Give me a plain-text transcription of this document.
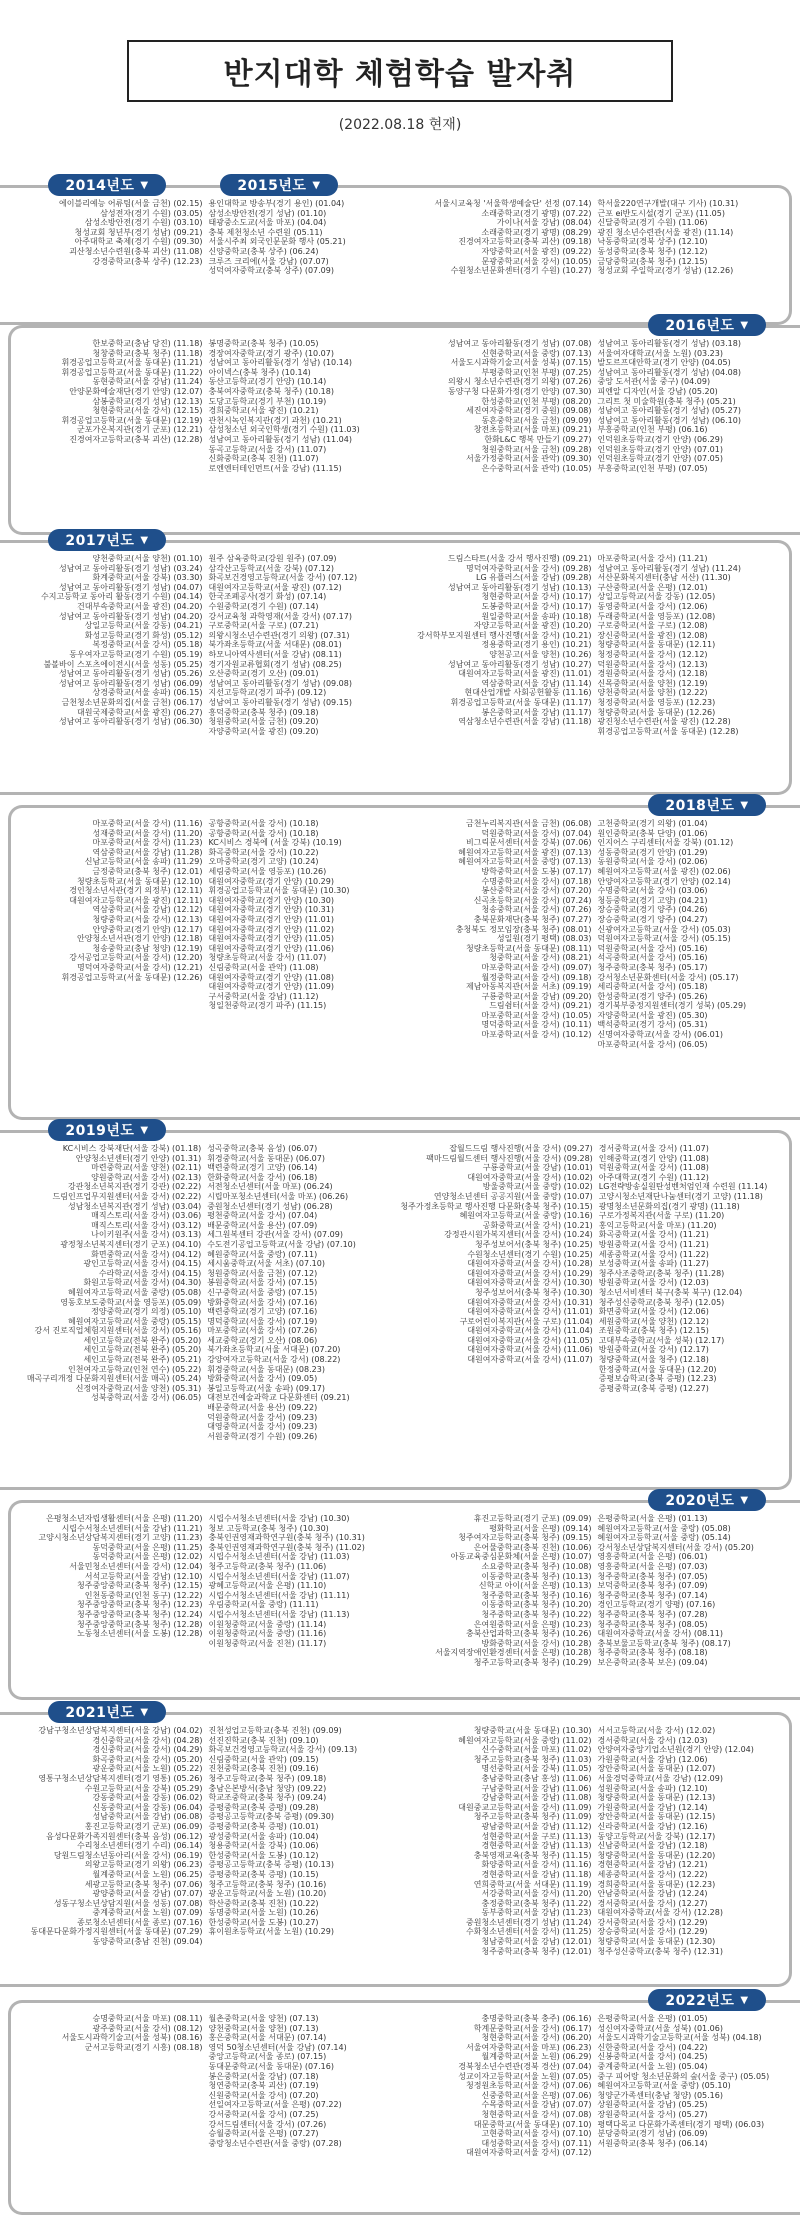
반지대학 체험학습 발자취
(2022.08.18 현재)
2014년도 ▼	2015년도 ▼
에이블리예능 어류팀(서울 금천) (02.15)
삼성전자(경기 수원) (03.05)
삼성소방안전(경기 수원) (03.10)
청성교회 청년부(경기 성남) (09.21)
아주대학교 축제(경기 수원) (09.30)
괴산청소년수련원(충북 괴산) (11.08)
강경중학교(충북 상주) (12.23)
용인대학교 방송부(경기 용인) (01.04)
삼성소방안전(경기 성남) (01.10)
태광중소도교(서울 마포) (04.04)
충북 제천청소년 수련원 (05.11)
서울시주최 외국인문문화 행사 (05.21)
신양중학교(충북 상주) (06.24)
크루즈 크리에(서울 강남) (07.07)
성덕여자중학교(충북 상주) (07.09)
서울시교육청 '서울학생예술단' 선정 (07.14)
소래중학교(경기 광명) (07.22)
가이나(서울 강남) (08.04)
소래중학교(경기 광명) (08.29)
진경여자고등학교(충북 괴산) (09.18)
자양중학교(서울 광진) (09.22)
문광중학교(서울 강서) (10.05)
수원청소년문화센터(경기 수원) (10.27)
학서울220연구개발(대구 기사) (10.31)
근포 ei반도시설(경기 군포) (11.05)
신달중학교(경기 수원) (11.06)
광진 청소년수련관(서울 광진) (11.14)
낙동중학교(경북 상주) (12.10)
동성중학교(충북 청주) (12.12)
금당중학교(충북 청주) (12.15)
청성교회 주일학교(경기 성남) (12.26)
2016년도 ▼
한보중학교(충남 당진) (11.18)
청창중학교(충북 청주) (11.18)
휘경공업고등학교(서울 동대문) (11.21)
휘경공업고등학교(서울 동대문) (11.22)
동현중학교(서울 강남) (11.24)
안양문화예술재단(경기 안양) (12.07)
삼봉중학교(경기 성남) (12.13)
청현중학교(서울 강서) (12.15)
휘경공업고등학교(서울 동대문) (12.19)
군포가온복지관(경기 군포) (12.21)
진경여자고등학교(충북 괴산) (12.28)
봉명중학교(충북 청주) (10.05)
경장여자중학교(경기 광주) (10.07)
성남여고 동아리활동(경기 성남) (10.14)
아이넥스(충북 청주) (10.14)
동산고등학교(경기 안양) (10.14)
충북여자중학교(충북 청주) (10.18)
도당고등학교(경기 부천) (10.19)
경희중학교(서울 광진) (10.21)
관천시녹인복지관(경기 과천) (10.21)
삼성청소년 외국인학생(경기 수원) (11.03)
성남여고 동아리활동(경기 성남) (11.04)
동곡고등학교(서울 강서) (11.07)
신화중학교(충북 진천) (11.07)
로엔엔터테인먼트(서울 강남) (11.15)
성남여고 동아리활동(경기 성남) (07.08)
신현중학교(서울 중랑) (07.13)
서울도시과학기술고(서울 성북) (07.15)
부평중학교(인천 부평) (07.25)
의왕시 청소년수련관(경기 의왕) (07.26)
동양구청 다문화가정(경기 안양) (07.30)
한성중학교(인천 부평) (08.20)
세진여자중학교(경기 중원) (09.08)
동흔중학교(서울 금천) (09.09)
창전초등학교(서울 마포) (09.21)
한화L&C 행복 만들기 (09.27)
청원중학교(서울 금천) (09.28)
서울가정중학교(서울 관악) (09.30)
은수중학교(서울 관악) (10.05)
성남여고 동아리활동(경기 성남) (03.18)
서울여자대학교(서울 노원) (03.23)
발도르프대안학교(경기 안양) (04.05)
성남여고 동아리활동(경기 성남) (04.08)
중앙 도서관(서울 중구) (04.09)
피엔알 디자인(서울 강남) (05.20)
그리트 첫 미술학원(충북 청주) (05.21)
성남여고 동아리활동(경기 성남) (05.27)
성남여고 동아리활동(경기 성남) (06.10)
부흥중학교(인천 부평) (06.16)
인덕원초등학교(경기 안양) (06.29)
인덕원초등학교(경기 안양) (07.01)
인덕원초등학교(경기 안양) (07.05)
부흥중학교(인천 부평) (07.05)
2017년도 ▼
양천중학교(서울 양천) (01.10)
성남여고 동아리활동(경기 성남) (03.24)
화계중학교(서울 강북) (03.30)
성남여고 동아리활동(경기 성남) (04.07)
수지고등학교 동아리 활동(경기 수원) (04.14)
건대부속중학교(서울 광진) (04.20)
성남여고 동아리활동(경기 성남) (04.20)
상일고등학교(서울 강동) (04.21)
화성고등학교(경기 화성) (05.12)
복정중학교(서울 강서) (05.18)
동우여자고등학교(경기 수원) (05.19)
불볼바이 스포츠에이전시(서울 성동) (05.25)
성남여고 동아리활동(경기 성남) (05.26)
성남여고 동아리활동(경기 성남) (06.09)
상경중학교(서울 송파) (06.15)
금천청소년문화의집(서울 금천) (06.17)
대원국제중학교(서울 광진) (06.27)
성남여고 동아리활동(경기 성남) (06.30)
원주 삼육중학교(강원 원주) (07.09)
삼각산고등학교(서울 강북) (07.12)
화곡보건경영고등학교(서울 강서) (07.12)
대원여자고등학교(서울 광진) (07.12)
한국조폐공사(경기 화성) (07.14)
수원중학교(경기 수원) (07.14)
강서교육청 과학영재(서울 강서) (07.17)
구로중학교(서울 구로) (07.21)
의왕시청소년수련관(경기 의왕) (07.31)
북가좌초등학교(서울 서대문) (08.01)
하모니아역사센터(서울 강남) (08.11)
경기자원교류협회(경기 성남) (08.25)
오산중학교(경기 오산) (09.01)
성남여고 동아리활동(경기 성남) (09.08)
지선고등학교(경기 파주) (09.12)
성남여고 동아리활동(경기 성남) (09.15)
흥덕중학교(충북 청주) (09.18)
청원중학교(서울 금천) (09.20)
자양중학교(서울 광진) (09.20)
드림스타트(서울 강서 행사진행) (09.21)
명덕여자중학교(서울 강서) (09.28)
LG 유플러스(서울 강남) (09.28)
성남여고 동아리활동(경기 성남) (10.13)
청현중학교(서울 강서) (10.17)
도봉중학교(서울 강서) (10.17)
원일중학교(서울 송파) (10.18)
자양고등학교(서울 광진) (10.20)
강서학부모지원센터 행사진행(서울 강서) (10.21)
정용중학교(경기 용인) (10.21)
양천공고(서울 양천) (10.26)
성남여고 동아리활동(경기 성남) (10.27)
대원여자고등학교(서울 광진) (11.01)
역삼중학교(서울 강남) (11.14)
현대산업개발 사회공헌활동 (11.16)
휘경공업고등학교(서울 동대문) (11.17)
봉은중학교(서울 강남) (11.17)
역삼청소년수련관(서울 강남) (11.18)
마포중학교(서울 강서) (11.21)
성남여고 동아리활동(경기 성남) (11.24)
서산문화복지센터(충남 서산) (11.30)
구산중학교(서울 은평) (12.01)
상일고등학교(서울 강동) (12.05)
동영중학교(서울 강서) (12.06)
두래중학교(서울 영등포) (12.08)
구로중학교(서울 구로) (12.08)
장신중학교(서울 광진) (12.08)
청량중학교(서울 동대문) (12.11)
청정중학교(서울 강서) (12.12)
덕원중학교(서울 강서) (12.13)
경원중학교(서울 강서) (12.18)
신목중학교(서울 양천) (12.19)
양천중학교(서울 양천) (12.22)
청정중학교(서울 영등포) (12.23)
청량중학교(서울 동대문) (12.26)
광진청소년수련관(서울 광진) (12.28)
휘경공업고등학교(서울 동대문) (12.28)
2018년도 ▼
마포중학교(서울 강서) (11.16)
성재중학교(서울 강서) (11.20)
마포중학교(서울 강서) (11.23)
역삼중학교(서울 강남) (11.28)
신남고등학교(서울 송파) (11.29)
금정중학교(충북 청주) (12.01)
청량초등학교(서울 동대문) (12.10)
경인청소년서관(경기 의정부) (12.11)
대원여자고등학교(서울 광진) (12.11)
역삼중학교(서울 강남) (12.12)
청량중학교(서울 강서) (12.13)
안양중학교(경기 안양) (12.17)
안양청소년서관(경기 안양) (12.18)
청송중학교(충남 청양) (12.19)
강서공업고등학교(서울 강서) (12.20)
명덕여자중학교(서울 강서) (12.21)
휘경공업고등학교(서울 동대문) (12.26)
공항중학교(서울 강서) (10.18)
공항중학교(서울 강서) (10.18)
KC시비스 경북에 (서울 강북) (10.19)
화곡중학교(서울 강서) (10.22)
오마중학교(경기 고양) (10.24)
세림중학교(서울 영등포) (10.26)
대원여자중학교(경기 안양) (10.29)
휘경공업고등학교(서울 동대문) (10.30)
대원여자중학교(경기 안양) (10.30)
대원여자중학교(경기 안양) (10.31)
대원여자중학교(경기 안양) (11.01)
대원여자중학교(경기 안양) (11.02)
대원여자중학교(경기 안양) (11.05)
대원여자중학교(경기 안양) (11.06)
청량초등학교(서울 강서) (11.07)
신림중학교(서울 관악) (11.08)
대원여자중학교(경기 안양) (11.08)
대원여자중학교(경기 안양) (11.09)
구서중학교(서울 강남) (11.12)
청일천중학교(경기 파주) (11.15)
금천누리복지관(서울 금천) (06.08)
덕원중학교(서울 강서) (07.04)
비그릭문서센터(서울 강북) (07.06)
혜원여자고등학교(서울 광진) (07.13)
혜원여자고등학교(서울 중랑) (07.13)
방학중학교(서울 도봉) (07.17)
수명중학교(서울 강서) (07.18)
봉산중학교(서울 강서) (07.20)
신곡초등학교(서울 강서) (07.24)
청송중학교(서울 강서) (07.26)
충북문화재단(충북 청주) (07.27)
충청북도 정모임장(충북 청주) (08.01)
성일원(경기 평택) (08.03)
청량초등학교(서울 동대문) (08.11)
청중학교(서울 강서) (08.21)
마포중학교(서울 강서) (09.07)
월정중학교(서울 강서) (09.18)
제남아동복지관(서울 서초) (09.19)
구룡중학교(서울 강남) (09.20)
드림쉼터(서울 강서) (09.21)
마포중학교(서울 강서) (10.05)
명덕중학교(서울 강서) (10.11)
마포중학교(서울 강서) (10.12)
고천중학교(경기 의왕) (01.04)
원인중학교(충북 단양) (01.06)
인지어스 구리센터(서울 강북) (01.12)
성동중학교(경기 안양) (01.29)
동원중학교(서울 강서) (02.06)
혜원여자고등학교(서울 광진) (02.06)
안양여자고등학교(경기 안양) (02.14)
수명중학교(서울 강서) (03.06)
청등중학교(경기 고양) (04.21)
장승중학교(경기 양주) (04.26)
장승중학교(경기 양주) (04.27)
신광여자고등학교(서울 강서) (05.03)
덕원여자고등학교(서울 강서) (05.15)
덕원중학교(서울 강서) (05.16)
석곡중학교(서울 강서) (05.16)
청주중학교(충북 청주) (05.17)
강서청소년문화센터(서울 강서) (05.17)
세리중학교(서울 강서) (05.18)
한성중학교(경기 양주) (05.26)
경기북부중정지원센터(경기 성북) (05.29)
자양중학교(서울 광진) (05.30)
백석중학교(경기 강서) (05.31)
신명여자중학교(서울 강서) (06.01)
마포중학교(서울 강서) (06.05)
2019년도 ▼
KC시비스 강북재단(서울 강북) (01.18)
안양청소년센터(경기 안양) (01.31)
마련중학교(서울 양천) (02.11)
양원중학교(서울 강서) (02.13)
강관청소년복지관(경기 강관) (02.22)
드림인프업무지원센터(서울 강서) (02.22)
성남청소년복지관(경기 성남) (03.04)
매직스토리(서울 강서) (03.06)
매직스토리(서울 강서) (03.12)
나이키원주(서울 강서) (03.13)
광정청소년복지센터(경기 군포) (04.10)
화면중학교(서울 강서) (04.12)
광인고등학교(서울 강서) (04.15)
수라학교(서울 강서) (04.15)
화원고등학교(서울 강서) (04.30)
혜원여자고등학교(서울 중랑) (05.08)
영동호보도중학교(서울 영등포) (05.09)
정양중학교(경기 의정) (05.10)
혜원여자고등학교(서울 중랑) (05.15)
강서 진로직업체험지원센터(서울 강서) (05.16)
세인고등학교(전북 완주) (05.20)
세인고등학교(전북 완주) (05.20)
세인고등학교(전북 완주) (05.21)
인천여자고등학교(인천 연수) (05.22)
매곡구리개정 다문화지원센터(서울 매곡) (05.24)
신정여자중학교(서울 양천) (05.31)
성북중학교(서울 강서) (06.05)
성곡중학교(충북 음성) (06.07)
휘경중학교(서울 동대문) (06.07)
백련중학교(경기 고양) (06.14)
한화중학교(서울 강서) (06.18)
서전청소년센터(서울 마포) (06.24)
시립마포청소년센터(서울 마포) (06.26)
중원청소년센터(경기 성남) (06.28)
평천중학교(서울 강서) (07.04)
배문중학교(서울 용산) (07.09)
세그원복센터 강관(서울 강서) (07.09)
수도전기공업고등학교(서울 강남) (07.10)
혜원중학교(서울 중랑) (07.11)
세시움중학교(서울 서초) (07.10)
청원중학교(서울 금천) (07.12)
봉원중학교(서울 강서) (07.15)
신구중학교(서울 중랑) (07.15)
방화중학교(서울 강서) (07.16)
백련중학교(경기 고양) (07.16)
명덕중학교(서울 강서) (07.19)
마포중학교(서울 강서) (07.26)
세교중학교(경기 오산) (08.06)
북가좌초등학교(서울 서대문) (07.20)
강양여자고등학교(서울 강서) (08.22)
휘경중학교(서울 동대문) (08.23)
방화중학교(서울 강서) (09.05)
봉일고등학교(서울 송파) (09.17)
대전보건예술과학교 다문화센터 (09.21)
배문중학교(서울 용산) (09.22)
덕원중학교(서울 강서) (09.23)
대영중학교(서울 강서) (09.23)
서원중학교(경기 수원) (09.26)
잡월드드림 행사진행(서울 강서) (09.27)
팩마드림월드센터 행사진행(서울 강서) (09.28)
구룡중학교(서울 강남) (10.01)
대원여자중학교(서울 강서) (10.02)
방울중학교(서울 중랑) (10.02)
연양청소년센터 공공지원(서울 중랑) (10.07)
청주가정초등학교 행사진행 다문화(충북 청주) (10.15)
혜원여자고등학교(서울 중랑) (10.16)
공화중학교(서울 강서) (10.21)
강정관시원가복지센터(서울 강서) (10.24)
청주성보어서(충북 청주) (10.25)
수원청소년센터(경기 수원) (10.25)
대원여자중학교(서울 강서) (10.28)
대원여자중학교(서울 강서) (10.29)
대원여자중학교(서울 강서) (10.30)
청주성보어서(충북 청주) (10.30)
대원여자중학교(서울 강서) (10.31)
대원여자중학교(서울 강서) (11.01)
구로어린이복지관(서울 구로) (11.04)
대원여자중학교(서울 강서) (11.04)
대원여자중학교(서울 강서) (11.05)
대원여자중학교(서울 강서) (11.06)
대원여자중학교(서울 강서) (11.07)
경서중학교(서울 강서) (11.07)
인해중학교(경기 안양) (11.08)
덕원중학교(서울 강서) (11.08)
아주대학교(경기 수원) (11.12)
LG전략방송실원탄성벤처엄인재 수련원 (11.14)
고양시청소년재단나눔센터(경기 고양) (11.18)
광명청소년문화의집(경기 광명) (11.18)
구로가정복지관(서울 구로) (11.20)
홍익고등학교(서울 마포) (11.20)
화곡중학교(서울 강서) (11.21)
방원중학교(서울 강서) (11.21)
세종중학교(서울 강서) (11.22)
보성중학교(서울 송파) (11.27)
청주사조중학교(충북 청주) (11.28)
방원중학교(서울 강서) (12.03)
청소년서비센터 북구(충북 북구) (12.04)
청주성신중학교(충북 청주) (12.05)
화면중학교(서울 강서) (12.06)
세원중학교(서울 양천) (12.12)
조원중학교(충북 청주) (12.15)
고대부속중학교(서울 성북) (12.17)
방원중학교(서울 강서) (12.17)
청량중학교(서울 청주) (12.18)
한정중학교(서울 동대문) (12.20)
증평보습학교(충북 증평) (12.23)
증평중학교(충북 증평) (12.27)
2020년도 ▼
은평청소년자립생활센터(서울 은평) (11.20)
시립수서청소년센터(서울 강남) (11.21)
고양시청소년상담복지센터(경기 고양) (11.23)
동덕중학교(서울 은평) (11.25)
동덕중학교(서울 은평) (12.02)
서울민청소년센터(서울 강서) (12.04)
서석고등학교(서울 강남) (12.10)
청주중앙중학교(충북 청주) (12.15)
인천동중학교(인천 동구) (12.22)
청주중앙중학교(충북 청주) (12.23)
청주중앙중학교(충북 청주) (12.24)
청주중앙중학교(충북 청주) (12.28)
노동청소년센터(서울 도봉) (12.28)
시립수서청소년센터(서울 강남) (10.30)
청보 고등학교(충북 청주) (10.30)
충북인권영재과학연구원(충북 청주) (10.31)
충북인권영재과학연구원(충북 청주) (11.02)
시립수서청소년센터(서울 강남) (11.03)
청주고등학교(충북 청주) (11.06)
시립수서청소년센터(서울 강남) (11.07)
광혜고등학교(서울 은평) (11.10)
시립수서청소년센터(서울 강남) (11.11)
우림중학교(서울 중랑) (11.11)
시립수서청소년센터(서울 강남) (11.13)
이원청중학교(서울 중랑) (11.14)
이원청중학교(서울 중랑) (11.16)
이원청중학교(서울 진천) (11.17)
휴진고등학교(경기 군포) (09.09)
평화학교(서울 은평) (09.14)
청주여자고등학교(충북 청주) (09.15)
은어물중학교(충북 진천) (10.06)
아동교육중심문화체(서울 은평) (10.07)
소요중학교(충북 청주) (10.08)
이동중학교(충북 청주) (10.13)
신학교 아이(서울 은평) (10.13)
청주중학교(충북 청주) (10.16)
이동중학교(충북 청주) (10.20)
청주중학교(충북 청주) (10.22)
은여원중학교(서울 은평) (10.23)
충북산업과학고(충북 청주) (10.26)
방화중학교(서울 강서) (10.28)
서울지역장애인환경센터(서울 은평) (10.28)
청주고등학교(충북 청주) (10.29)
은평중학교(서울 은평) (01.13)
혜원여자고등학교(서울 중랑) (05.08)
혜원여자고등학교(서울 중랑) (05.14)
강서청소년상담복지센터(서울 강서) (05.20)
영흥중학교(서울 은평) (06.01)
영흥중학교(서울 은평) (07.03)
청주중학교(충북 청주) (07.05)
보덕중학교(충북 청주) (07.09)
청주중학교(충북 청주) (07.14)
경인고등학교(경기 양평) (07.16)
청주중학교(충북 청주) (07.28)
청주중학교(충북 청주) (08.05)
대원여자중학교(서울 강서) (08.11)
충북보물고등학교(충북 청주) (08.17)
청주중학교(충북 청주) (08.18)
보은중학교(충북 보은) (09.04)
2021년도 ▼
강남구청소년상담복지센터(서울 강남) (04.02)
경신중학교(서울 강서) (04.28)
경신중학교(서울 강서) (04.29)
화곡중학교(서울 강서) (05.20)
광운중학교(서울 노원) (05.22)
영통구청소년상담복지센터(경기 영통) (05.26)
수원고등학교(서울 강북) (05.29)
강동중학교(서울 강동) (06.02)
신동중학교(서울 강동) (06.04)
성남중학교(서울 강남) (06.08)
홍진고등학교(경기 군포) (06.09)
음성다문화가족지원센터(충북 음성) (06.12)
수리청소년센터(경기 수리) (06.14)
당원드림청소년동아리(서울 강서) (06.19)
의왕고등학교(경기 의왕) (06.23)
월계중학교(서울 노원) (06.25)
세광고등학교(충북 청주) (07.06)
광양중학교(서울 강남) (07.07)
성동구청소년상담지원(서울 성동) (07.08)
중계중학교(서울 노원) (07.09)
종로청소년센터(서울 종로) (07.16)
동대문다문화가정지원센터(서울 동대문) (07.29)
동양중학교(충남 진천) (09.04)
진천성업고등학교(충북 진천) (09.09)
선진진학교(충북 진천) (09.10)
화곡보건경영고등학교(서울 강서) (09.13)
신림중학교(서울 관악) (09.15)
진천중학교(충북 진천) (09.16)
청주고등학교(충북 청주) (09.18)
충남은본방서(충남 청양) (09.22)
학교조중학교(충북 청주) (09.24)
증평중학교(충북 증평) (09.28)
증평공고등학교(충북 증평) (09.30)
증평중학교(충북 증평) (10.01)
광성중학교(서울 송파) (10.04)
청용중학교(서울 강북) (10.06)
한성중학교(서울 도봉) (10.12)
증평공고등학교(충북 증평) (10.13)
증평중학교(충북 증평) (10.15)
청주고등학교(충북 청주) (10.16)
광운고등학교(서울 노원) (10.20)
학산중학교(충북 진천) (10.22)
동명중학교(서울 노원) (10.26)
한성중학교(서울 도봉) (10.27)
휴이원초등학교(서울 노원) (10.29)
청량중학교(서울 동대문) (10.30)
혜원여자고등학교(서울 중랑) (11.02)
신수중학교(서울 마포) (11.02)
청주고등학교(충북 청주) (11.03)
명선중학교(서울 강북) (11.05)
충남중학교(충남 홍성) (11.06)
구남중학교(서울 강남) (11.06)
강남중학교(서울 강남) (11.08)
대원중교고등학교(서울 강서) (11.09)
청주고등학교(충북 청주) (11.09)
광남중학교(서울 강남) (11.12)
성현중학교(서울 구로) (11.13)
경현중학교(서울 강남) (11.13)
충북영재교육(충북 청주) (11.15)
화양중학교(서울 강서) (11.16)
경현중학교(서울 강남) (11.18)
연희중학교(서울 서대문) (11.19)
서강중학교(서울 강서) (11.20)
충정중학교(충북 청주) (11.22)
동부중학교(서울 강남) (11.23)
중원청소년센터(경기 성남) (11.24)
수화청소년센터(서울 강서) (11.25)
청남중학교(서울 강남) (12.01)
청주중학교(충북 청주) (12.01)
서서고등학교(서울 강서) (12.02)
경서중학교(서울 강서) (12.03)
안양여자중앙기업소년원(경기 안양) (12.04)
가원중학교(서울 강남) (12.06)
장안중학교(서울 동대문) (12.07)
서울경덕중학교(서울 강남) (12.09)
성원중학교(서울 송파) (12.10)
청량중학교(서울 동대문) (12.13)
가원중학교(서울 강남) (12.14)
장안중학교(서울 동대문) (12.15)
신라중학교(서울 강남) (12.16)
동양고등학교(서울 강북) (12.17)
신남중학교(서울 강남) (12.18)
청량중학교(서울 동대문) (12.20)
경현중학교(서울 강남) (12.21)
세종중학교(서울 강서) (12.22)
경희중학교(서울 동대문) (12.23)
안남중학교(서울 강남) (12.24)
경서중학교(서울 강서) (12.27)
대원여자중학교(서울 강서) (12.28)
강서중학교(서울 강서) (12.29)
장승중학교(서울 강서) (12.29)
청량중학교(서울 동대문) (12.30)
청주성신중학교(충북 청주) (12.31)
2022년도 ▼
승명중학교(서울 마포) (08.11)
광주중학교(서울 강서) (08.12)
서울도시과학기술고(서울 성북) (08.16)
군서고등학교(경기 시흥) (08.18)
월촌중학교(서울 양천) (07.13)
양천중학교(서울 양천) (07.13)
홍은중학교(서울 서대문) (07.14)
영덕 50청소년센터(서울 강남) (07.14)
중앙고등학교(서울 종로) (07.15)
동대문중학교(서울 동대문) (07.16)
봉은중학교(서울 강남) (07.18)
청연중학교(충북 괴산) (07.19)
신원중학교(서울 강서) (07.20)
선일여자고등학교(서울 은평) (07.22)
강서중학교(서울 강서) (07.25)
강서드림센터(서울 강서) (07.26)
승월중학교(서울 은평) (07.27)
중랑청소년수련관(서울 중랑) (07.28)
충명중학교(충북 충주) (06.16)
학계문중학교(서울 강서) (06.17)
청현중학교(서울 강서) (06.20)
서울여자중학교(서울 마포) (06.23)
월계중학교(서울 노원) (06.29)
경북청소년수련관(경북 경산) (07.04)
성교이자고등학교(서울 노원) (07.05)
청정원초등학교(서울 강서) (07.06)
신중중학교(서울 은평) (07.06)
수목중학교(서울 강남) (07.07)
청현중학교(서울 강서) (07.08)
대문중학교(서울 동대문) (07.10)
고현중학교(서울 강서) (07.10)
대성중학교(서울 강서) (07.11)
대원여자중학교(서울 강서) (07.12)
은평중학교(서울 은평) (01.05)
성신여자중학교(서울 성북) (01.06)
서울도시과학기술고등학교(서울 성북) (04.18)
신한중학교(서울 강서) (04.22)
신봉중학교(서울 강서) (04.25)
중계중학교(서울 노원) (05.04)
중구 피어랑 청소년문화의 숲(서울 중구) (05.05)
혜원여자고등학교(서울 중랑) (05.10)
청양군가족센터(충남 청양) (05.16)
상원중학교(서울 강남) (05.25)
장원중학교(서울 강서) (05.27)
평택다목교 다문화가족센터(경기 평택) (06.03)
분당중학교(경기 성남) (06.09)
서원중학교(충북 청주) (06.14)
